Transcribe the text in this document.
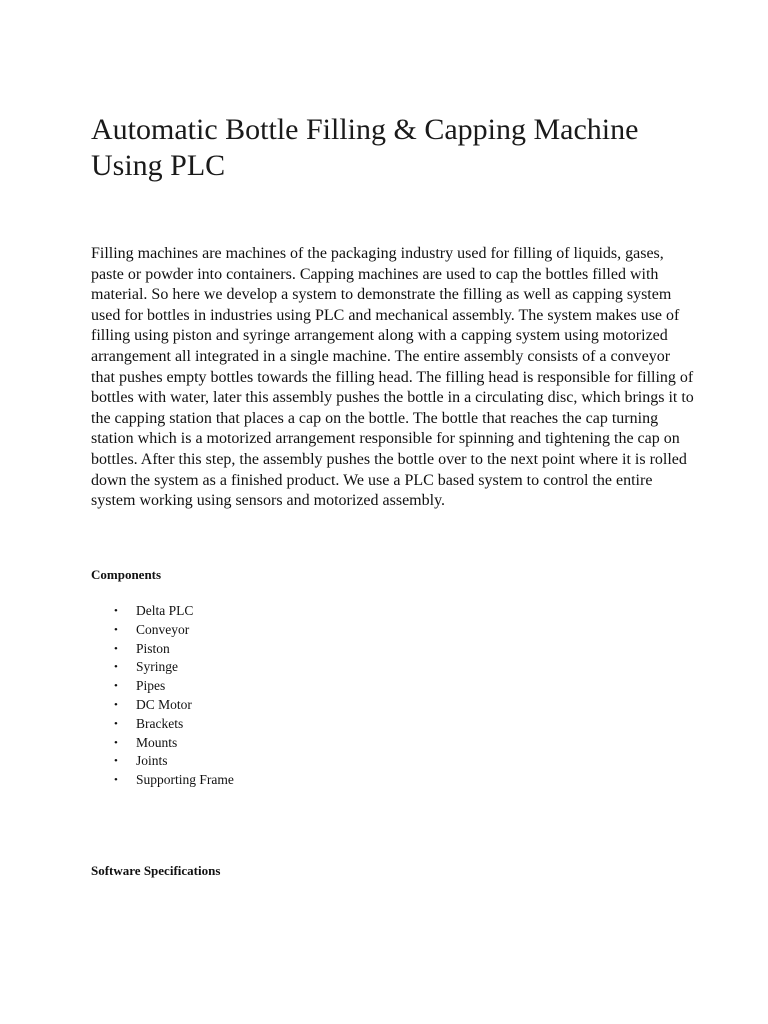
Automatic Bottle Filling & Capping Machine Using PLC

Filling machines are machines of the packaging industry used for filling of liquids, gases, paste or powder into containers. Capping machines are used to cap the bottles filled with material. So here we develop a system to demonstrate the filling as well as capping system used for bottles in industries using PLC and mechanical assembly. The system makes use of filling using piston and syringe arrangement along with a capping system using motorized arrangement all integrated in a single machine. The entire assembly consists of a conveyor that pushes empty bottles towards the filling head. The filling head is responsible for filling of bottles with water, later this assembly pushes the bottle in a circulating disc, which brings it to the capping station that places a cap on the bottle. The bottle that reaches the cap turning station which is a motorized arrangement responsible for spinning and tightening the cap on bottles. After this step, the assembly pushes the bottle over to the next point where it is rolled down the system as a finished product. We use a PLC based system to control the entire system working using sensors and motorized assembly.

Components
• Delta PLC
• Conveyor
• Piston
• Syringe
• Pipes
• DC Motor
• Brackets
• Mounts
• Joints
• Supporting Frame
Software Specifications
